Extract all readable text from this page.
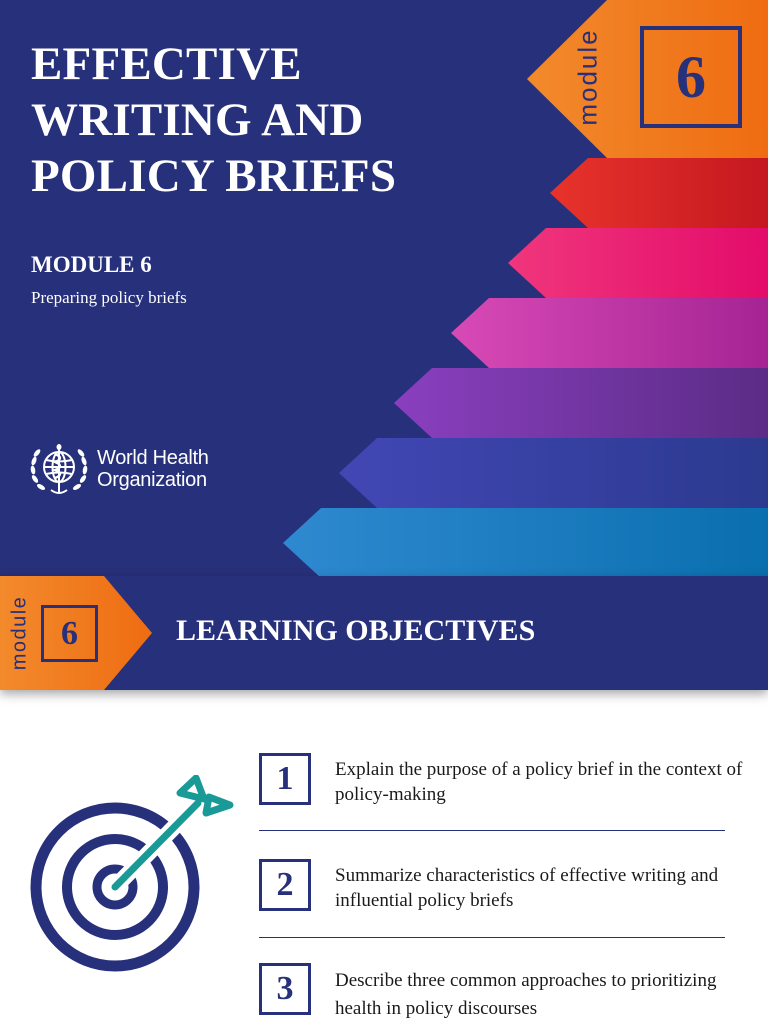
EFFECTIVE
WRITING AND
POLICY BRIEFS
MODULE 6
Preparing policy briefs
module	6
World Health
Organization
module 6	LEARNING OBJECTIVES
1	Explain the purpose of a policy brief in the context of policy-making
2	Summarize characteristics of effective writing and influential policy briefs
3	Describe three common approaches to prioritizing health in policy discourses
